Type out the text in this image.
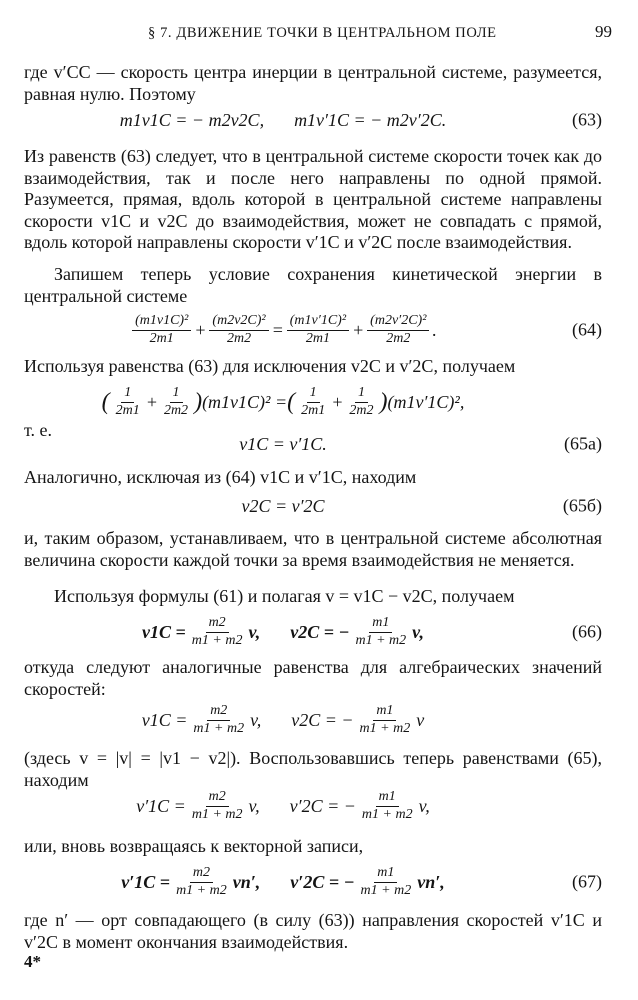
§ 7. ДВИЖЕНИЕ ТОЧКИ В ЦЕНТРАЛЬНОМ ПОЛЕ	99
где v′CC — скорость центра инерции в центральной системе, разумеется, равная нулю. Поэтому
m1v1C = − m2v2C, m1v′1C = − m2v′2C.	(63)
Из равенств (63) следует, что в центральной системе скорости точек как до взаимодействия, так и после него направлены по одной прямой. Разумеется, прямая, вдоль которой в центральной системе направлены скорости v1C и v2C до взаимодействия, может не совпадать с прямой, вдоль которой направлены скорости v′1C и v′2C после взаимодействия.
Запишем теперь условие сохранения кинетической энергии в центральной системе
$\frac{\text{(m1v1C)²}}{2m1} + \frac{\text{(m2v2C)²}}{2m2} = \frac{\text{(m1v′1C)²}}{2m1} + \frac{\text{(m2v′2C)²}}{2m2}$ .	(64)
Используя равенства (63) для исключения v2C и v′2C, получаем
( $\frac{1}{2m1} + \frac{1}{2m2}$ ) (m1v1C)² = ( $\frac{1}{2m1} + \frac{1}{2m2}$ ) (m1v′1C)²,
т. е.
v1C = v′1C.	(65а)
Аналогично, исключая из (64) v1C и v′1C, находим
v2C = v′2C	(65б)
и, таким образом, устанавливаем, что в центральной системе абсолютная величина скорости каждой точки за время взаимодействия не меняется.
Используя формулы (61) и полагая v = v1C − v2C, получаем
$v1C = \frac{m2}{m1 + m2} v$, v2C = − $\frac{m1}{m1 + m2} v$,	(66)
откуда следуют аналогичные равенства для алгебраических значений скоростей:
$v1C = \frac{m2}{m1 + m2} v$, v2C = − $\frac{m1}{m1 + m2}$ v
(здесь v = |v| = |v1 − v2|). Воспользовавшись теперь равенствами (65), находим
$v'1C = \frac{m2}{m1 + m2} v$, v′2C = − $\frac{m1}{m1 + m2} v$,
или, вновь возвращаясь к векторной записи,
$v'1C = \frac{m2}{m1 + m2} vn'$, v′2C = − $\frac{m1}{m1 + m2} vn'$,	(67)
где n′ — орт совпадающего (в силу (63)) направления скоростей v′1C и v′2C в момент окончания взаимодействия.
4*
